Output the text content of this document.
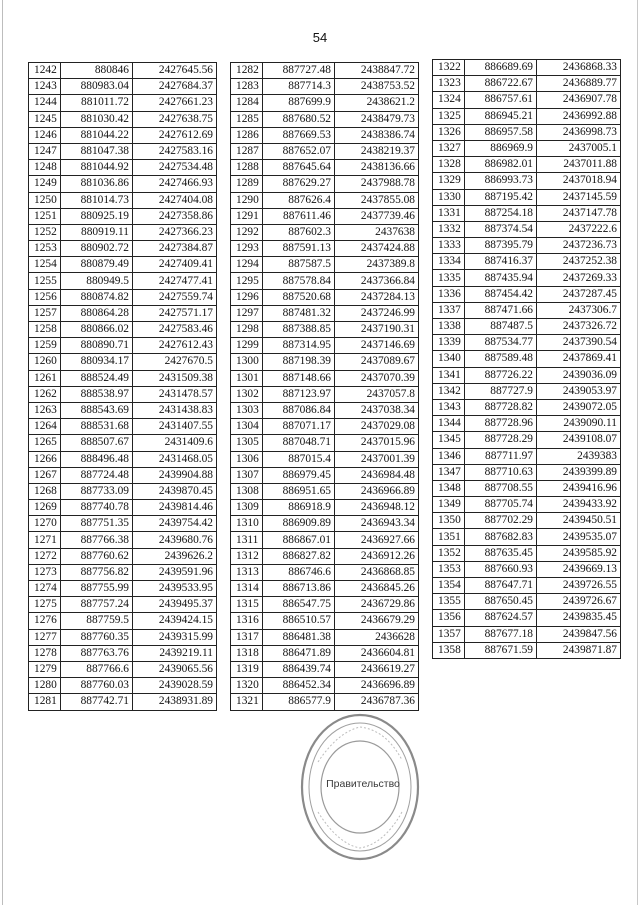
54
1242	880846	2427645.56
1243	880983.04	2427684.37
1244	881011.72	2427661.23
1245	881030.42	2427638.75
1246	881044.22	2427612.69
1247	881047.38	2427583.16
1248	881044.92	2427534.48
1249	881036.86	2427466.93
1250	881014.73	2427404.08
1251	880925.19	2427358.86
1252	880919.11	2427366.23
1253	880902.72	2427384.87
1254	880879.49	2427409.41
1255	880949.5	2427477.41
1256	880874.82	2427559.74
1257	880864.28	2427571.17
1258	880866.02	2427583.46
1259	880890.71	2427612.43
1260	880934.17	2427670.5
1261	888524.49	2431509.38
1262	888538.97	2431478.57
1263	888543.69	2431438.83
1264	888531.68	2431407.55
1265	888507.67	2431409.6
1266	888496.48	2431468.05
1267	887724.48	2439904.88
1268	887733.09	2439870.45
1269	887740.78	2439814.46
1270	887751.35	2439754.42
1271	887766.38	2439680.76
1272	887760.62	2439626.2
1273	887756.82	2439591.96
1274	887755.99	2439533.95
1275	887757.24	2439495.37
1276	887759.5	2439424.15
1277	887760.35	2439315.99
1278	887763.76	2439219.11
1279	887766.6	2439065.56
1280	887760.03	2439028.59
1281	887742.71	2438931.89
1282	887727.48	2438847.72
1283	887714.3	2438753.52
1284	887699.9	2438621.2
1285	887680.52	2438479.73
1286	887669.53	2438386.74
1287	887652.07	2438219.37
1288	887645.64	2438136.66
1289	887629.27	2437988.78
1290	887626.4	2437855.08
1291	887611.46	2437739.46
1292	887602.3	2437638
1293	887591.13	2437424.88
1294	887587.5	2437389.8
1295	887578.84	2437366.84
1296	887520.68	2437284.13
1297	887481.32	2437246.99
1298	887388.85	2437190.31
1299	887314.95	2437146.69
1300	887198.39	2437089.67
1301	887148.66	2437070.39
1302	887123.97	2437057.8
1303	887086.84	2437038.34
1304	887071.17	2437029.08
1305	887048.71	2437015.96
1306	887015.4	2437001.39
1307	886979.45	2436984.48
1308	886951.65	2436966.89
1309	886918.9	2436948.12
1310	886909.89	2436943.34
1311	886867.01	2436927.66
1312	886827.82	2436912.26
1313	886746.6	2436868.85
1314	886713.86	2436845.26
1315	886547.75	2436729.86
1316	886510.57	2436679.29
1317	886481.38	2436628
1318	886471.89	2436604.81
1319	886439.74	2436619.27
1320	886452.34	2436696.89
1321	886577.9	2436787.36
1322	886689.69	2436868.33
1323	886722.67	2436889.77
1324	886757.61	2436907.78
1325	886945.21	2436992.88
1326	886957.58	2436998.73
1327	886969.9	2437005.1
1328	886982.01	2437011.88
1329	886993.73	2437018.94
1330	887195.42	2437145.59
1331	887254.18	2437147.78
1332	887374.54	2437222.6
1333	887395.79	2437236.73
1334	887416.37	2437252.38
1335	887435.94	2437269.33
1336	887454.42	2437287.45
1337	887471.66	2437306.7
1338	887487.5	2437326.72
1339	887534.77	2437390.54
1340	887589.48	2437869.41
1341	887726.22	2439036.09
1342	887727.9	2439053.97
1343	887728.82	2439072.05
1344	887728.96	2439090.11
1345	887728.29	2439108.07
1346	887711.97	2439383
1347	887710.63	2439399.89
1348	887708.55	2439416.96
1349	887705.74	2439433.92
1350	887702.29	2439450.51
1351	887682.83	2439535.07
1352	887635.45	2439585.92
1353	887660.93	2439669.13
1354	887647.71	2439726.55
1355	887650.45	2439726.67
1356	887624.57	2439835.45
1357	887677.18	2439847.56
1358	887671.59	2439871.87
Правительство
